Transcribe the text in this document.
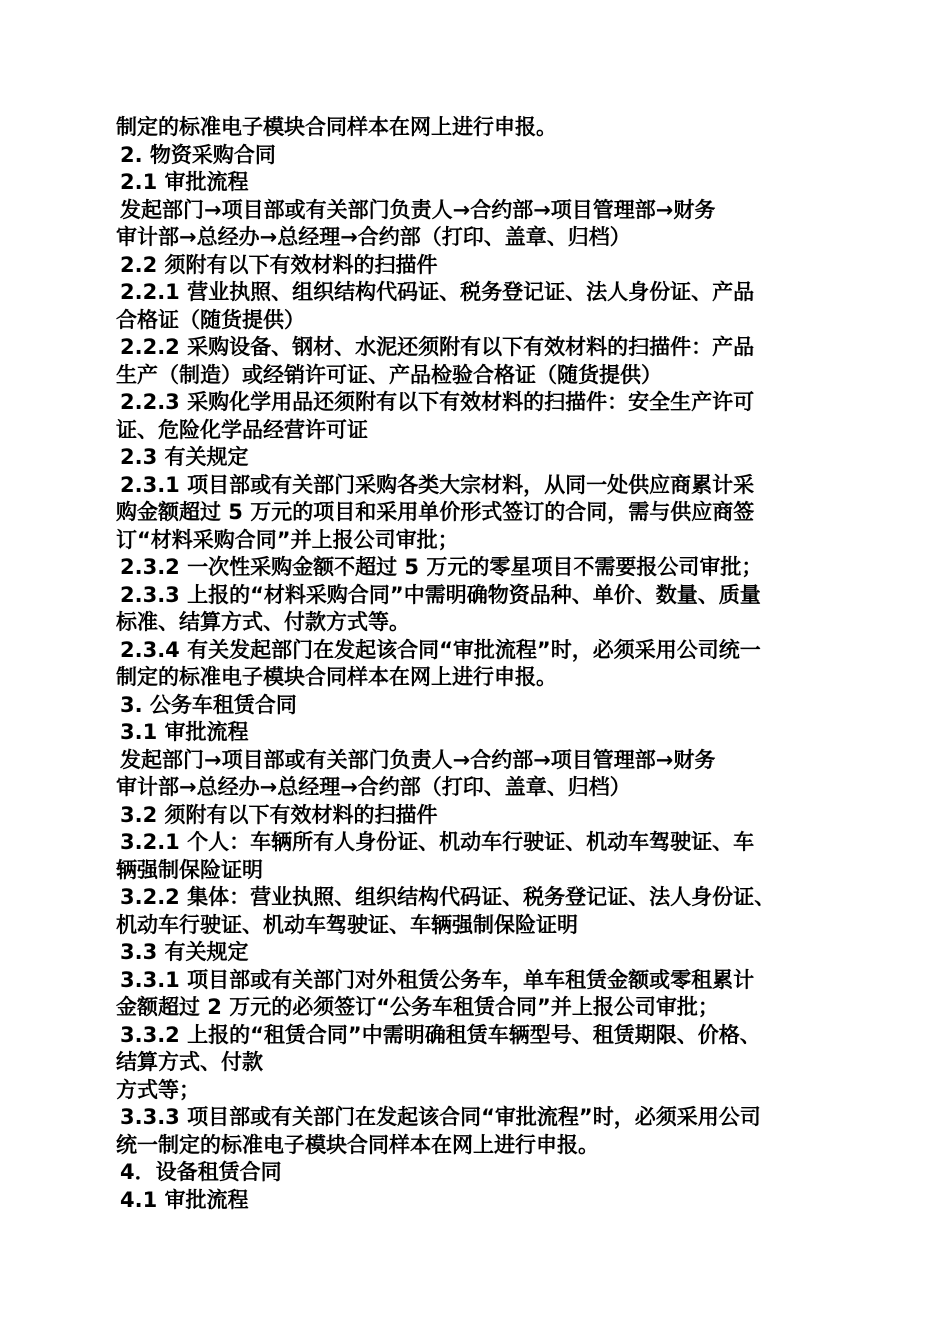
制定的标准电子模块合同样本在网上进行申报。
2. 物资采购合同
2.1 审批流程
发起部门→项目部或有关部门负责人→合约部→项目管理部→财务
审计部→总经办→总经理→合约部（打印、盖章、归档）
2.2 须附有以下有效材料的扫描件
2.2.1 营业执照、组织结构代码证、税务登记证、法人身份证、产品
合格证（随货提供）
2.2.2 采购设备、钢材、水泥还须附有以下有效材料的扫描件：产品
生产（制造）或经销许可证、产品检验合格证（随货提供）
2.2.3 采购化学用品还须附有以下有效材料的扫描件：安全生产许可
证、危险化学品经营许可证
2.3 有关规定
2.3.1 项目部或有关部门采购各类大宗材料，从同一处供应商累计采
购金额超过 5 万元的项目和采用单价形式签订的合同，需与供应商签
订“材料采购合同”并上报公司审批；
2.3.2 一次性采购金额不超过 5 万元的零星项目不需要报公司审批；
2.3.3 上报的“材料采购合同”中需明确物资品种、单价、数量、质量
标准、结算方式、付款方式等。
2.3.4 有关发起部门在发起该合同“审批流程”时，必须采用公司统一
制定的标准电子模块合同样本在网上进行申报。
3. 公务车租赁合同
3.1 审批流程
发起部门→项目部或有关部门负责人→合约部→项目管理部→财务
审计部→总经办→总经理→合约部（打印、盖章、归档）
3.2 须附有以下有效材料的扫描件
3.2.1 个人：车辆所有人身份证、机动车行驶证、机动车驾驶证、车
辆强制保险证明
3.2.2 集体：营业执照、组织结构代码证、税务登记证、法人身份证、
机动车行驶证、机动车驾驶证、车辆强制保险证明
3.3 有关规定
3.3.1 项目部或有关部门对外租赁公务车，单车租赁金额或零租累计
金额超过 2 万元的必须签订“公务车租赁合同”并上报公司审批；
3.3.2 上报的“租赁合同”中需明确租赁车辆型号、租赁期限、价格、
结算方式、付款
方式等；
3.3.3 项目部或有关部门在发起该合同“审批流程”时，必须采用公司
统一制定的标准电子模块合同样本在网上进行申报。
4．设备租赁合同
4.1 审批流程
